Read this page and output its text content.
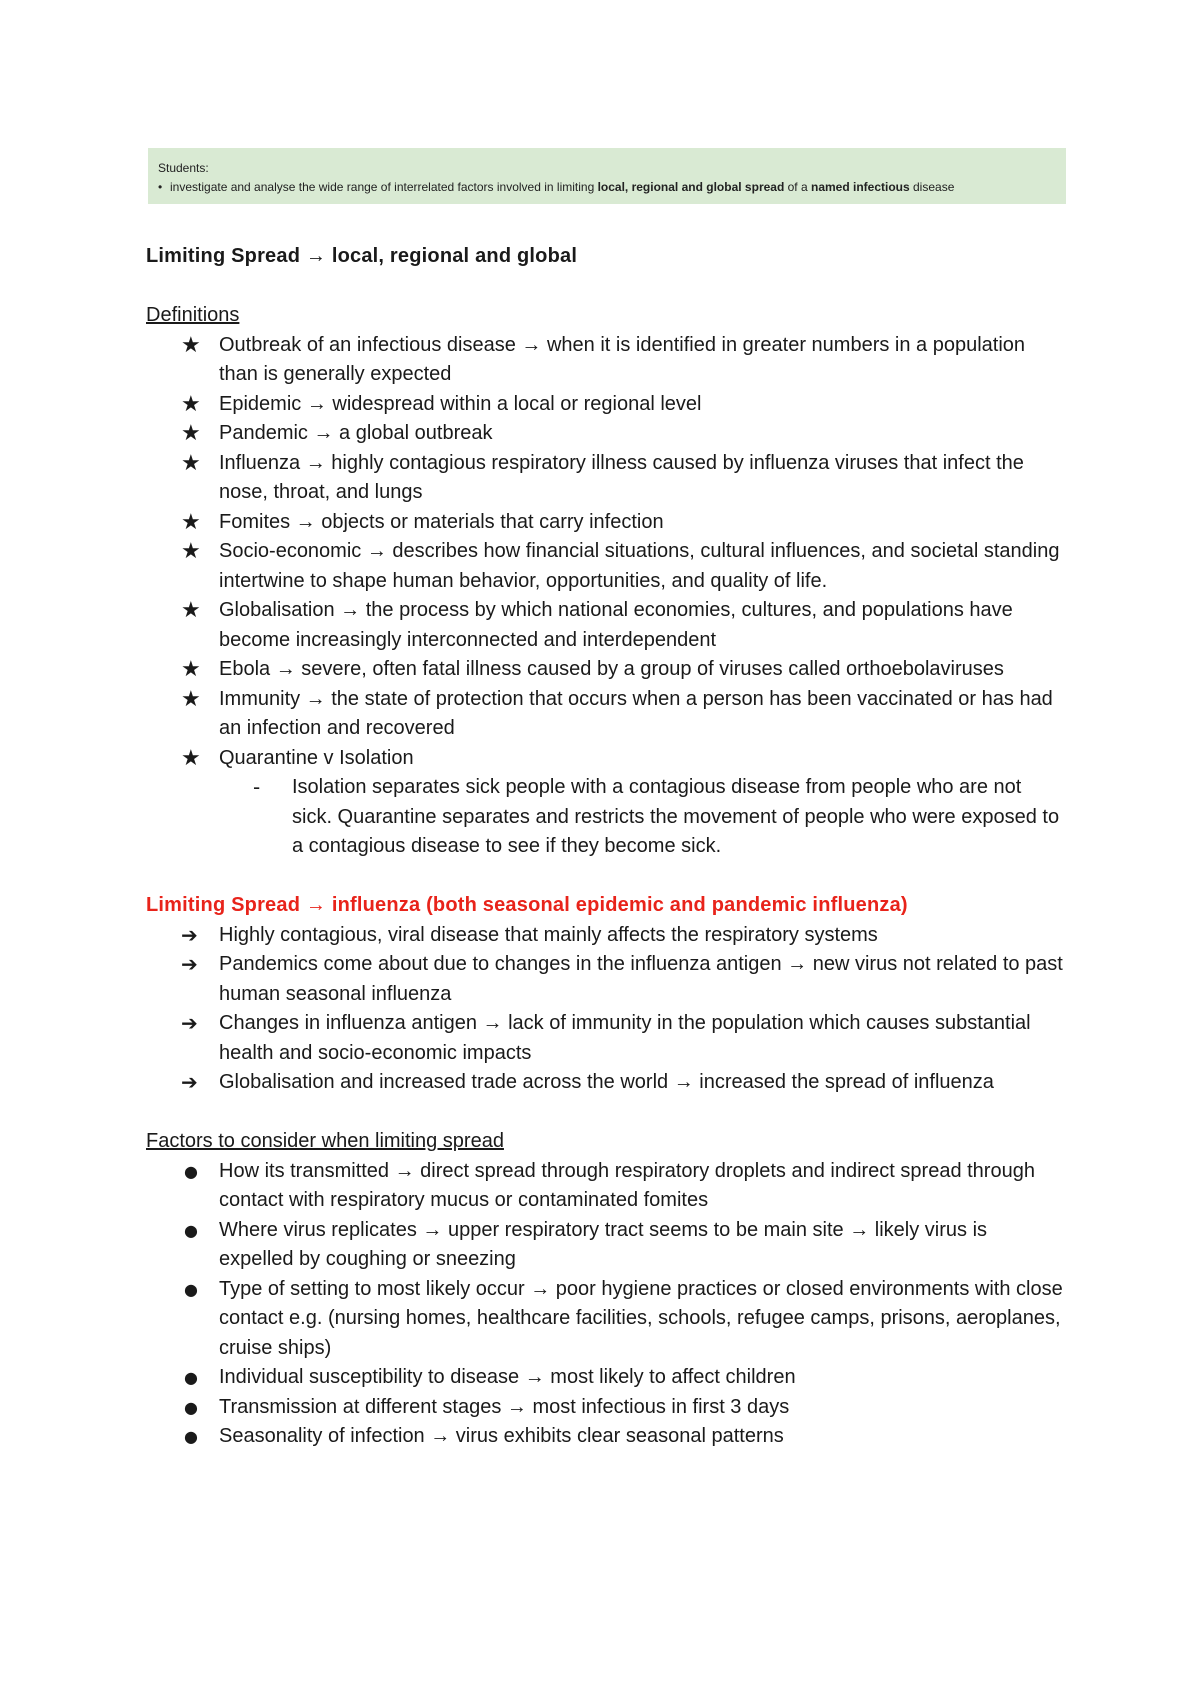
Students:
• investigate and analyse the wide range of interrelated factors involved in limiting local, regional and global spread of a named infectious disease
Limiting Spread → local, regional and global
Definitions
★ Outbreak of an infectious disease → when it is identified in greater numbers in a population than is generally expected
★ Epidemic → widespread within a local or regional level
★ Pandemic → a global outbreak
★ Influenza → highly contagious respiratory illness caused by influenza viruses that infect the nose, throat, and lungs
★ Fomites → objects or materials that carry infection
★ Socio-economic → describes how financial situations, cultural influences, and societal standing intertwine to shape human behavior, opportunities, and quality of life.
★ Globalisation → the process by which national economies, cultures, and populations have become increasingly interconnected and interdependent
★ Ebola → severe, often fatal illness caused by a group of viruses called orthoebolaviruses
★ Immunity → the state of protection that occurs when a person has been vaccinated or has had an infection and recovered
★ Quarantine v Isolation
-	Isolation separates sick people with a contagious disease from people who are not sick. Quarantine separates and restricts the movement of people who were exposed to a contagious disease to see if they become sick.
Limiting Spread → influenza (both seasonal epidemic and pandemic influenza)
➔	Highly contagious, viral disease that mainly affects the respiratory systems
➔	Pandemics come about due to changes in the influenza antigen → new virus not related to past human seasonal influenza
➔	Changes in influenza antigen → lack of immunity in the population which causes substantial health and socio-economic impacts
➔	Globalisation and increased trade across the world → increased the spread of influenza
Factors to consider when limiting spread
●	How its transmitted → direct spread through respiratory droplets and indirect spread through contact with respiratory mucus or contaminated fomites
●	Where virus replicates → upper respiratory tract seems to be main site → likely virus is expelled by coughing or sneezing
●	Type of setting to most likely occur → poor hygiene practices or closed environments with close contact e.g. (nursing homes, healthcare facilities, schools, refugee camps, prisons, aeroplanes, cruise ships)
●	Individual susceptibility to disease → most likely to affect children
●	Transmission at different stages → most infectious in first 3 days
●	Seasonality of infection → virus exhibits clear seasonal patterns
